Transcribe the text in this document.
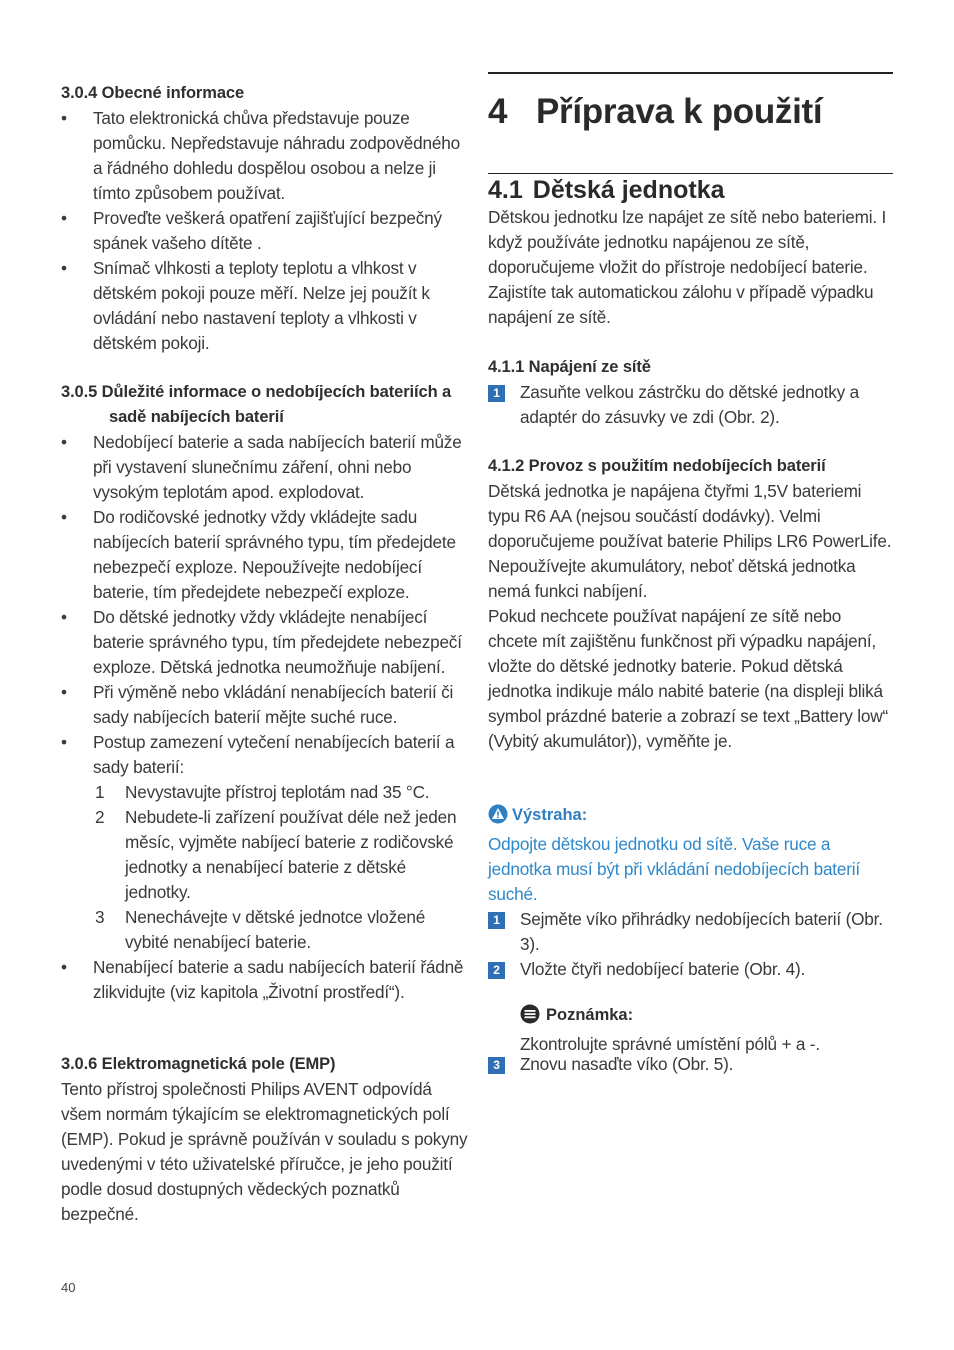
3.0.4 Obecné informace
• Tato elektronická chůva představuje pouze pomůcku. Nepředstavuje náhradu zodpovědného a řádného dohledu dospělou osobou a nelze ji tímto způsobem používat.
• Proveďte veškerá opatření zajišťující bezpečný spánek vašeho dítěte .
• Snímač vlhkosti a teploty teplotu a vlhkost v dětském pokoji pouze měří. Nelze jej použít k ovládání nebo nastavení teploty a vlhkosti v dětském pokoji.
3.0.5 Důležité informace o nedobíjecích bateriích a sadě nabíjecích baterií
• Nedobíjecí baterie a sada nabíjecích baterií může při vystavení slunečnímu záření, ohni nebo vysokým teplotám apod. explodovat.
• Do rodičovské jednotky vždy vkládejte sadu nabíjecích baterií správného typu, tím předejdete nebezpečí exploze. Nepoužívejte nedobíjecí baterie, tím předejdete nebezpečí exploze.
• Do dětské jednotky vždy vkládejte nenabíjecí baterie správného typu, tím předejdete nebezpečí exploze. Dětská jednotka neumožňuje nabíjení.
• Při výměně nebo vkládání nenabíjecích baterií či sady nabíjecích baterií mějte suché ruce.
• Postup zamezení vytečení nenabíjecích baterií a sady baterií:
1 Nevystavujte přístroj teplotám nad 35 °C.
2 Nebudete-li zařízení používat déle než jeden měsíc, vyjměte nabíjecí baterie z rodičovské jednotky a nenabíjecí baterie z dětské jednotky.
3 Nenechávejte v dětské jednotce vložené vybité nenabíjecí baterie.
• Nenabíjecí baterie a sadu nabíjecích baterií řádně zlikvidujte (viz kapitola „Životní prostředí“).
3.0.6 Elektromagnetická pole (EMP)
Tento přístroj společnosti Philips AVENT odpovídá všem normám týkajícím se elektromagnetických polí (EMP). Pokud je správně používán v souladu s pokyny uvedenými v této uživatelské příručce, je jeho použití podle dosud dostupných vědeckých poznatků bezpečné.
4 Příprava k použití
4.1 Dětská jednotka
Dětskou jednotku lze napájet ze sítě nebo bateriemi. I když používáte jednotku napájenou ze sítě, doporučujeme vložit do přístroje nedobíjecí baterie. Zajistíte tak automatickou zálohu v případě výpadku napájení ze sítě.
4.1.1 Napájení ze sítě
1	Zasuňte velkou zástrčku do dětské jednotky a adaptér do zásuvky ve zdi (Obr. 2).
4.1.2 Provoz s použitím nedobíjecích baterií
Dětská jednotka je napájena čtyřmi 1,5V bateriemi typu R6 AA (nejsou součástí dodávky). Velmi doporučujeme používat baterie Philips LR6 PowerLife.
Nepoužívejte akumulátory, neboť dětská jednotka nemá funkci nabíjení.
Pokud nechcete používat napájení ze sítě nebo chcete mít zajištěnu funkčnost při výpadku napájení, vložte do dětské jednotky baterie. Pokud dětská jednotka indikuje málo nabité baterie (na displeji bliká symbol prázdné baterie a zobrazí se text „Battery low“ (Vybitý akumulátor)), vyměňte je.
Výstraha:
Odpojte dětskou jednotku od sítě. Vaše ruce a jednotka musí být při vkládání nedobíjecích baterií suché.
1	Sejměte víko přihrádky nedobíjecích baterií (Obr. 3).
2	Vložte čtyři nedobíjecí baterie (Obr. 4).
Poznámka:
Zkontrolujte správné umístění pólů + a -.
3	Znovu nasaďte víko (Obr. 5).
40
